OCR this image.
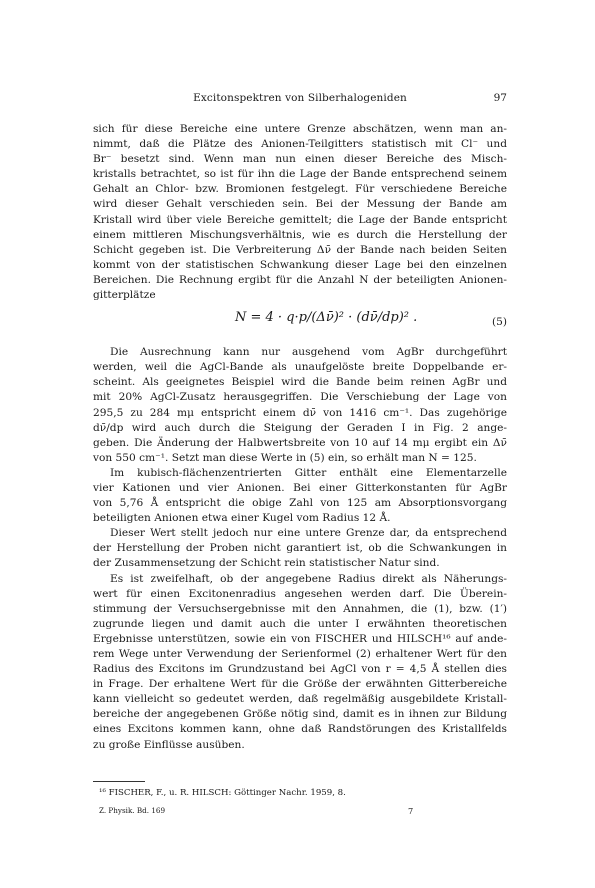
Excitonspektren von Silberhalogeniden	97
sich für diese Bereiche eine untere Grenze abschätzen, wenn man an-
nimmt, daß die Plätze des Anionen-Teilgitters statistisch mit Cl⁻ und
Br⁻ besetzt sind. Wenn man nun einen dieser Bereiche des Misch-
kristalls betrachtet, so ist für ihn die Lage der Bande entsprechend seinem
Gehalt an Chlor- bzw. Bromionen festgelegt. Für verschiedene Bereiche
wird dieser Gehalt verschieden sein. Bei der Messung der Bande am
Kristall wird über viele Bereiche gemittelt; die Lage der Bande entspricht
einem mittleren Mischungsverhältnis, wie es durch die Herstellung der
Schicht gegeben ist. Die Verbreiterung Δν̄ der Bande nach beiden Seiten
kommt von der statistischen Schwankung dieser Lage bei den einzelnen
Bereichen. Die Rechnung ergibt für die Anzahl N der beteiligten Anionen-
gitterplätze
N = 4 · q·p/(Δν̄)² · (dν̄/dp)² .	(5)
Die Ausrechnung kann nur ausgehend vom AgBr durchgeführt
werden, weil die AgCl-Bande als unaufgelöste breite Doppelbande er-
scheint. Als geeignetes Beispiel wird die Bande beim reinen AgBr und
mit 20% AgCl-Zusatz herausgegriffen. Die Verschiebung der Lage von
295,5 zu 284 mμ entspricht einem dν̄ von 1416 cm⁻¹. Das zugehörige
dν̄/dp wird auch durch die Steigung der Geraden I in Fig. 2 ange-
geben. Die Änderung der Halbwertsbreite von 10 auf 14 mμ ergibt ein Δν̄
von 550 cm⁻¹. Setzt man diese Werte in (5) ein, so erhält man N = 125.
Im kubisch-flächenzentrierten Gitter enthält eine Elementarzelle
vier Kationen und vier Anionen. Bei einer Gitterkonstanten für AgBr
von 5,76 Å entspricht die obige Zahl von 125 am Absorptionsvorgang
beteiligten Anionen etwa einer Kugel vom Radius 12 Å.
Dieser Wert stellt jedoch nur eine untere Grenze dar, da entsprechend
der Herstellung der Proben nicht garantiert ist, ob die Schwankungen in
der Zusammensetzung der Schicht rein statistischer Natur sind.
Es ist zweifelhaft, ob der angegebene Radius direkt als Näherungs-
wert für einen Excitonenradius angesehen werden darf. Die Überein-
stimmung der Versuchsergebnisse mit den Annahmen, die (1), bzw. (1′)
zugrunde liegen und damit auch die unter I erwähnten theoretischen
Ergebnisse unterstützen, sowie ein von FISCHER und HILSCH¹⁶ auf ande-
rem Wege unter Verwendung der Serienformel (2) erhaltener Wert für den
Radius des Excitons im Grundzustand bei AgCl von r = 4,5 Å stellen dies
in Frage. Der erhaltene Wert für die Größe der erwähnten Gitterbereiche
kann vielleicht so gedeutet werden, daß regelmäßig ausgebildete Kristall-
bereiche der angegebenen Größe nötig sind, damit es in ihnen zur Bildung
eines Excitons kommen kann, ohne daß Randstörungen des Kristallfelds
zu große Einflüsse ausüben.
¹⁶ FISCHER, F., u. R. HILSCH: Göttinger Nachr. 1959, 8.
Z. Physik. Bd. 169	7
